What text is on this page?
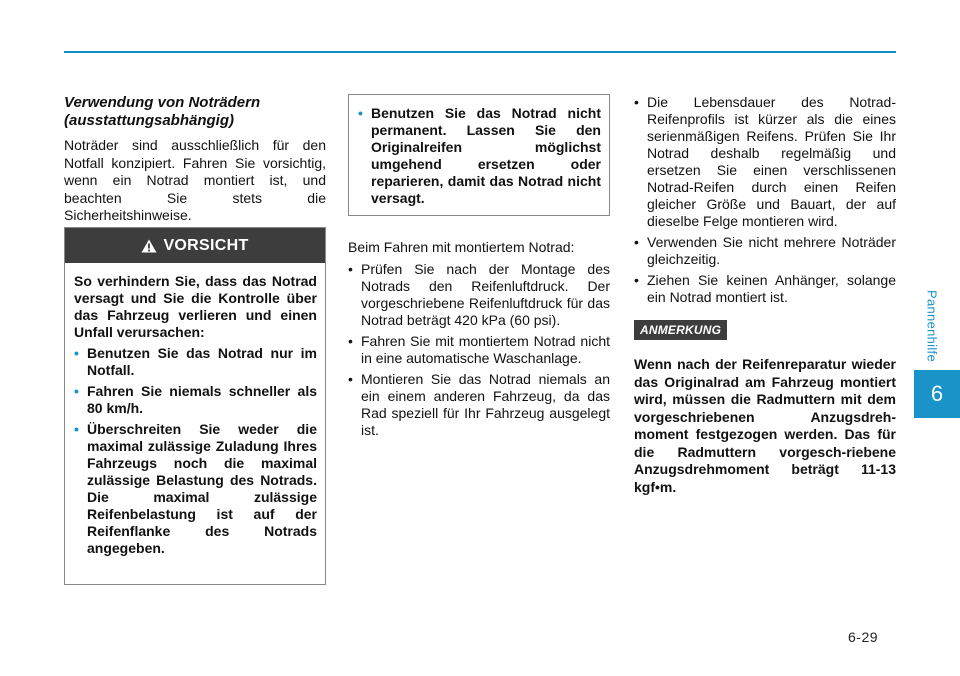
Pannenhilfe
6
Verwendung von Noträdern
(ausstattungsabhängig)

Noträder sind ausschließlich für den Notfall konzipiert. Fahren Sie vorsichtig, wenn ein Notrad montiert ist, und beachten Sie stets die Sicherheitshinweise.

VORSICHT

So verhindern Sie, dass das Notrad versagt und Sie die Kontrolle über das Fahrzeug verlieren und einen Unfall verursachen:

• Benutzen Sie das Notrad nur im Notfall.
• Fahren Sie niemals schneller als 80 km/h.
• Überschreiten Sie weder die maximal zulässige Zuladung Ihres Fahrzeugs noch die maximal zulässige Belastung des Notrads. Die maximal zulässige Reifenbelastung ist auf der Reifenflanke des Notrads angegeben.
• Benutzen Sie das Notrad nicht permanent. Lassen Sie den Originalreifen möglichst umgehend ersetzen oder reparieren, damit das Notrad nicht versagt.

Beim Fahren mit montiertem Notrad:

• Prüfen Sie nach der Montage des Notrads den Reifenluftdruck. Der vorgeschriebene Reifenluftdruck für das Notrad beträgt 420 kPa (60 psi).
• Fahren Sie mit montiertem Notrad nicht in eine automatische Waschanlage.
• Montieren Sie das Notrad niemals an ein einem anderen Fahrzeug, da das Rad speziell für Ihr Fahrzeug ausgelegt ist.
• Die Lebensdauer des Notrad-Reifenprofils ist kürzer als die eines serienmäßigen Reifens. Prüfen Sie Ihr Notrad deshalb regelmäßig und ersetzen Sie einen verschlissenen Notrad-Reifen durch einen Reifen gleicher Größe und Bauart, der auf dieselbe Felge montieren wird.
• Verwenden Sie nicht mehrere Noträder gleichzeitig.
• Ziehen Sie keinen Anhänger, solange ein Notrad montiert ist.
ANMERKUNG

Wenn nach der Reifenreparatur wieder das Originalrad am Fahrzeug montiert wird, müssen die Radmuttern mit dem vorgeschriebenen Anzugsdreh-moment festgezogen werden. Das für die Radmuttern vorgesch-riebene Anzugsdrehmoment beträgt 11-13 kgf•m.

6-29
